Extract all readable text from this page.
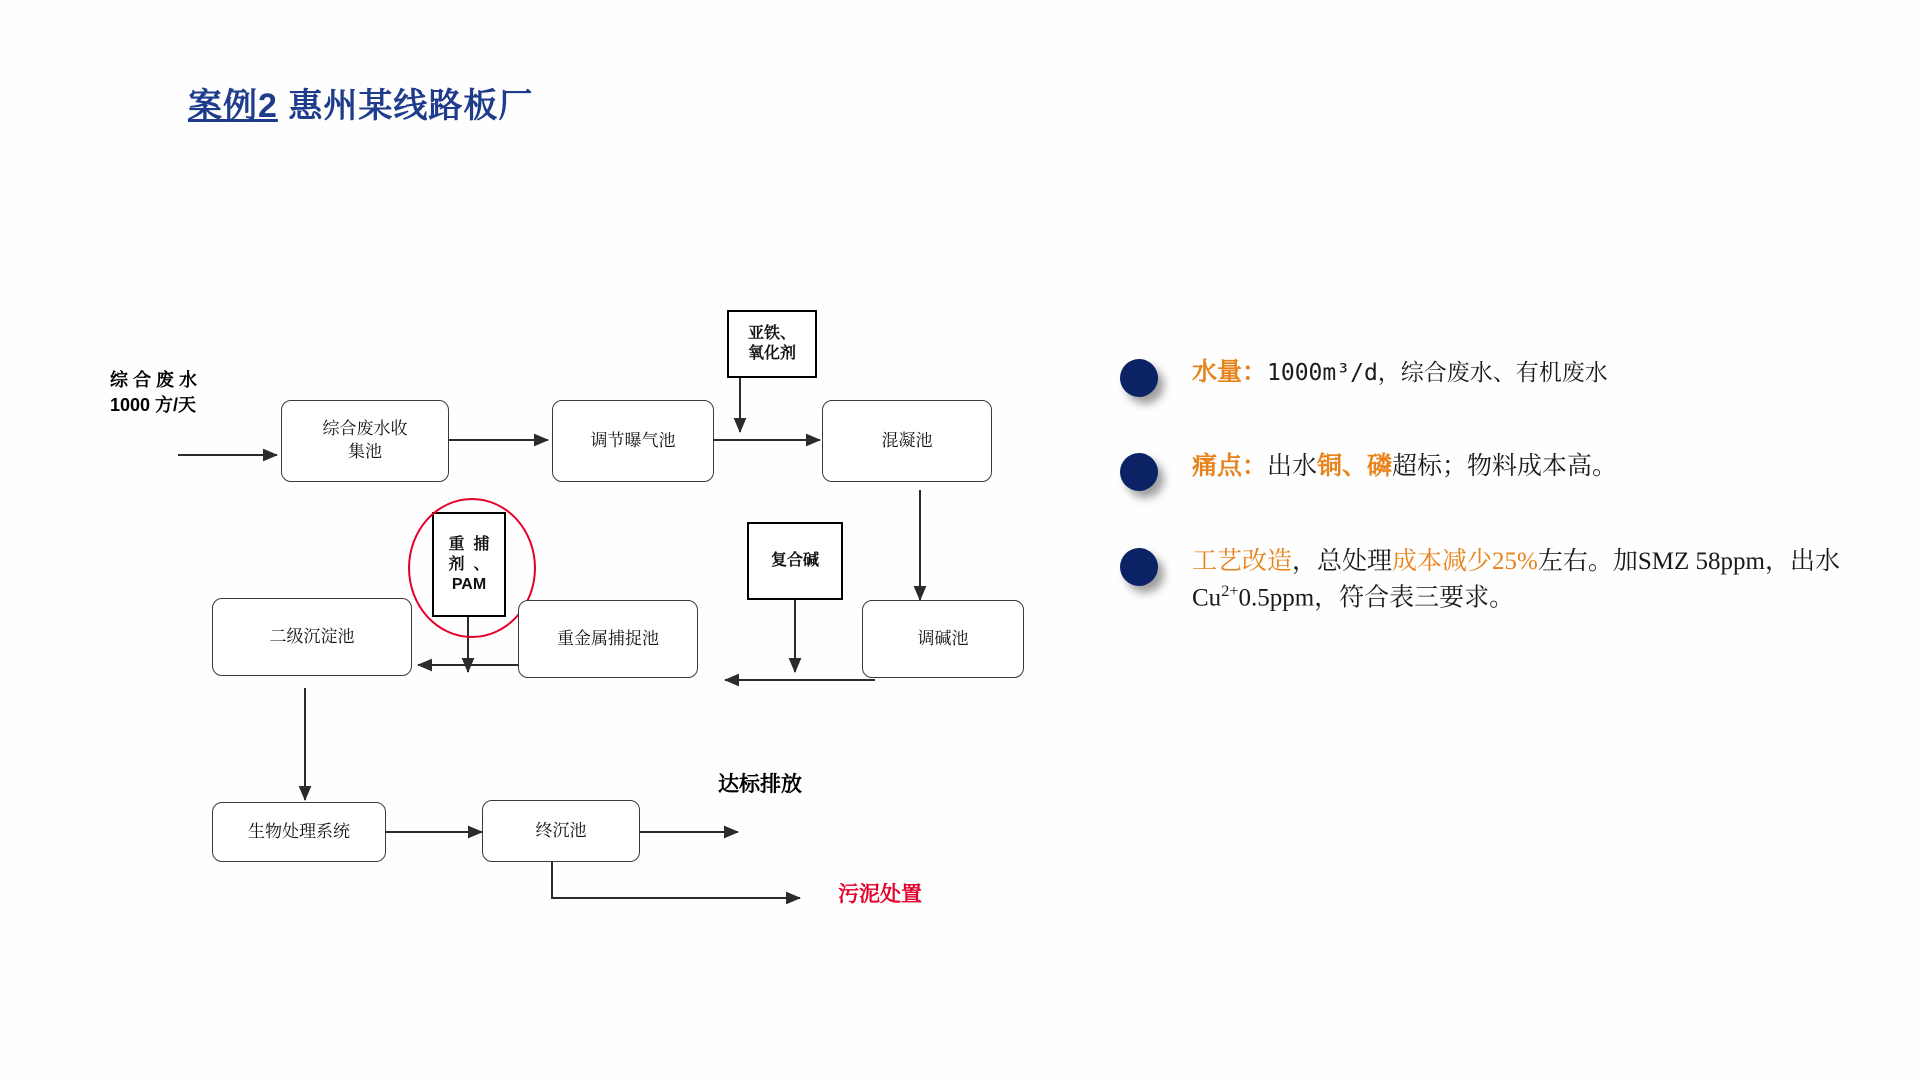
案例2 惠州某线路板厂
综 合 废 水
1000 方/天
综合废水收
集池
调节曝气池	混凝池
亚铁、
氧化剂
重  捕
剂  、
PAM
复合碱
调碱池
重金属捕捉池
二级沉淀池
生物处理系统	终沉池
达标排放
污泥处置
水量：1000m³/d，综合废水、有机废水
痛点：出水铜、磷超标；物料成本高。
工艺改造，总处理成本减少25%左右。加SMZ 58ppm，出水$Cu^{2+}0.5ppm$，符合表三要求。
